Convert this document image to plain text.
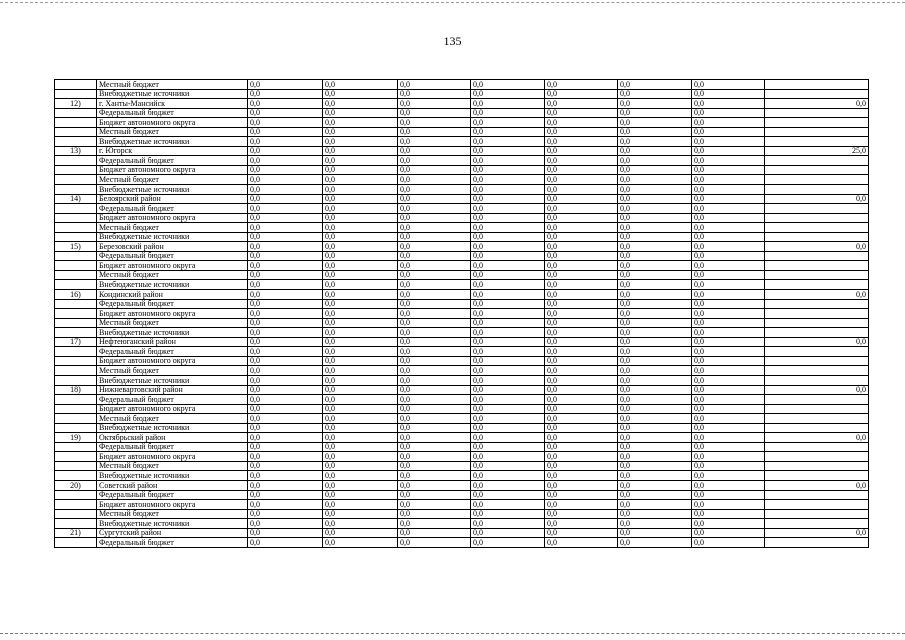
135
	Местный бюджет	0,0	0,0	0,0	0,0	0,0	0,0	0,0	
	Внебюджетные источники	0,0	0,0	0,0	0,0	0,0	0,0	0,0	
12)	г. Ханты-Мансийск	0,0	0,0	0,0	0,0	0,0	0,0	0,0	0,0
	Федеральный бюджет	0,0	0,0	0,0	0,0	0,0	0,0	0,0	
	Бюджет автономного округа	0,0	0,0	0,0	0,0	0,0	0,0	0,0	
	Местный бюджет	0,0	0,0	0,0	0,0	0,0	0,0	0,0	
	Внебюджетные источники	0,0	0,0	0,0	0,0	0,0	0,0	0,0	
13)	г. Югорск	0,0	0,0	0,0	0,0	0,0	0,0	0,0	25,0
	Федеральный бюджет	0,0	0,0	0,0	0,0	0,0	0,0	0,0	
	Бюджет автономного округа	0,0	0,0	0,0	0,0	0,0	0,0	0,0	
	Местный бюджет	0,0	0,0	0,0	0,0	0,0	0,0	0,0	
	Внебюджетные источники	0,0	0,0	0,0	0,0	0,0	0,0	0,0	
14)	Белоярский район	0,0	0,0	0,0	0,0	0,0	0,0	0,0	0,0
	Федеральный бюджет	0,0	0,0	0,0	0,0	0,0	0,0	0,0	
	Бюджет автономного округа	0,0	0,0	0,0	0,0	0,0	0,0	0,0	
	Местный бюджет	0,0	0,0	0,0	0,0	0,0	0,0	0,0	
	Внебюджетные источники	0,0	0,0	0,0	0,0	0,0	0,0	0,0	
15)	Березовский район	0,0	0,0	0,0	0,0	0,0	0,0	0,0	0,0
	Федеральный бюджет	0,0	0,0	0,0	0,0	0,0	0,0	0,0	
	Бюджет автономного округа	0,0	0,0	0,0	0,0	0,0	0,0	0,0	
	Местный бюджет	0,0	0,0	0,0	0,0	0,0	0,0	0,0	
	Внебюджетные источники	0,0	0,0	0,0	0,0	0,0	0,0	0,0	
16)	Кондинский район	0,0	0,0	0,0	0,0	0,0	0,0	0,0	0,0
	Федеральный бюджет	0,0	0,0	0,0	0,0	0,0	0,0	0,0	
	Бюджет автономного округа	0,0	0,0	0,0	0,0	0,0	0,0	0,0	
	Местный бюджет	0,0	0,0	0,0	0,0	0,0	0,0	0,0	
	Внебюджетные источники	0,0	0,0	0,0	0,0	0,0	0,0	0,0	
17)	Нефтеюганский район	0,0	0,0	0,0	0,0	0,0	0,0	0,0	0,0
	Федеральный бюджет	0,0	0,0	0,0	0,0	0,0	0,0	0,0	
	Бюджет автономного округа	0,0	0,0	0,0	0,0	0,0	0,0	0,0	
	Местный бюджет	0,0	0,0	0,0	0,0	0,0	0,0	0,0	
	Внебюджетные источники	0,0	0,0	0,0	0,0	0,0	0,0	0,0	
18)	Нижневартовский район	0,0	0,0	0,0	0,0	0,0	0,0	0,0	0,0
	Федеральный бюджет	0,0	0,0	0,0	0,0	0,0	0,0	0,0	
	Бюджет автономного округа	0,0	0,0	0,0	0,0	0,0	0,0	0,0	
	Местный бюджет	0,0	0,0	0,0	0,0	0,0	0,0	0,0	
	Внебюджетные источники	0,0	0,0	0,0	0,0	0,0	0,0	0,0	
19)	Октябрьский район	0,0	0,0	0,0	0,0	0,0	0,0	0,0	0,0
	Федеральный бюджет	0,0	0,0	0,0	0,0	0,0	0,0	0,0	
	Бюджет автономного округа	0,0	0,0	0,0	0,0	0,0	0,0	0,0	
	Местный бюджет	0,0	0,0	0,0	0,0	0,0	0,0	0,0	
	Внебюджетные источники	0,0	0,0	0,0	0,0	0,0	0,0	0,0	
20)	Советский район	0,0	0,0	0,0	0,0	0,0	0,0	0,0	0,0
	Федеральный бюджет	0,0	0,0	0,0	0,0	0,0	0,0	0,0	
	Бюджет автономного округа	0,0	0,0	0,0	0,0	0,0	0,0	0,0	
	Местный бюджет	0,0	0,0	0,0	0,0	0,0	0,0	0,0	
	Внебюджетные источники	0,0	0,0	0,0	0,0	0,0	0,0	0,0	
21)	Сургутский район	0,0	0,0	0,0	0,0	0,0	0,0	0,0	0,0
	Федеральный бюджет	0,0	0,0	0,0	0,0	0,0	0,0	0,0	
